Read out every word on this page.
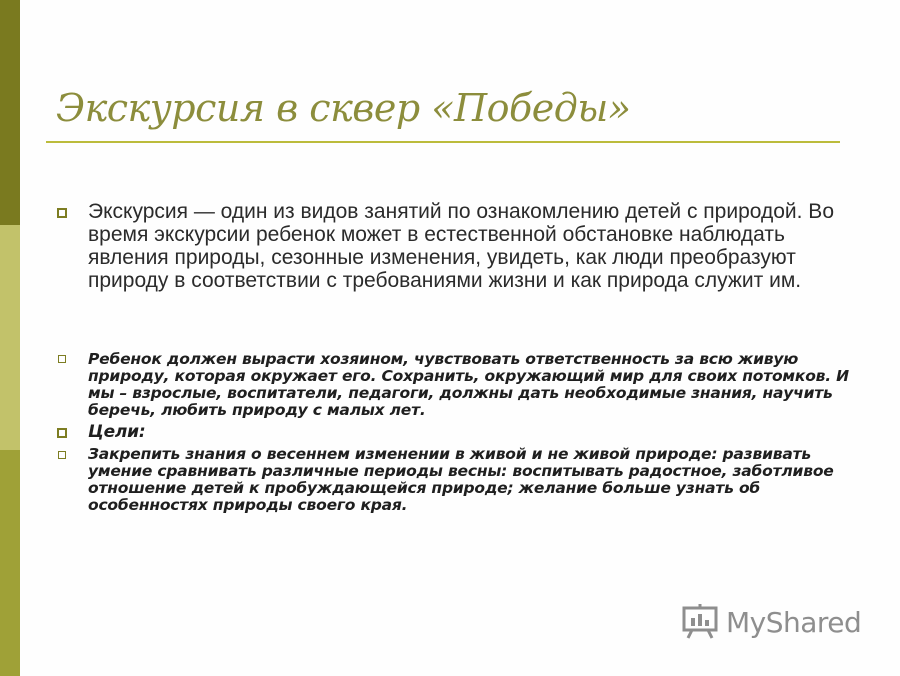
Экскурсия в сквер «Победы»
Экскурсия — один из видов занятий по ознакомлению детей с природой. Во время экскурсии ребенок может в естественной обстановке наблюдать явления природы, сезонные изменения, увидеть, как люди преобразуют природу в соответствии с требованиями жизни и как природа служит им.
Ребенок должен вырасти хозяином, чувствовать ответственность за всю живую природу, которая окружает его. Сохранить, окружающий мир для своих потомков. И мы – взрослые, воспитатели, педагоги, должны дать необходимые знания, научить беречь, любить природу с малых лет.
Цели:
Закрепить знания о весеннем изменении в живой и не живой природе: развивать умение сравнивать различные периоды весны: воспитывать радостное, заботливое отношение детей к пробуждающейся природе; желание больше узнать об особенностях природы своего края.
MyShared
